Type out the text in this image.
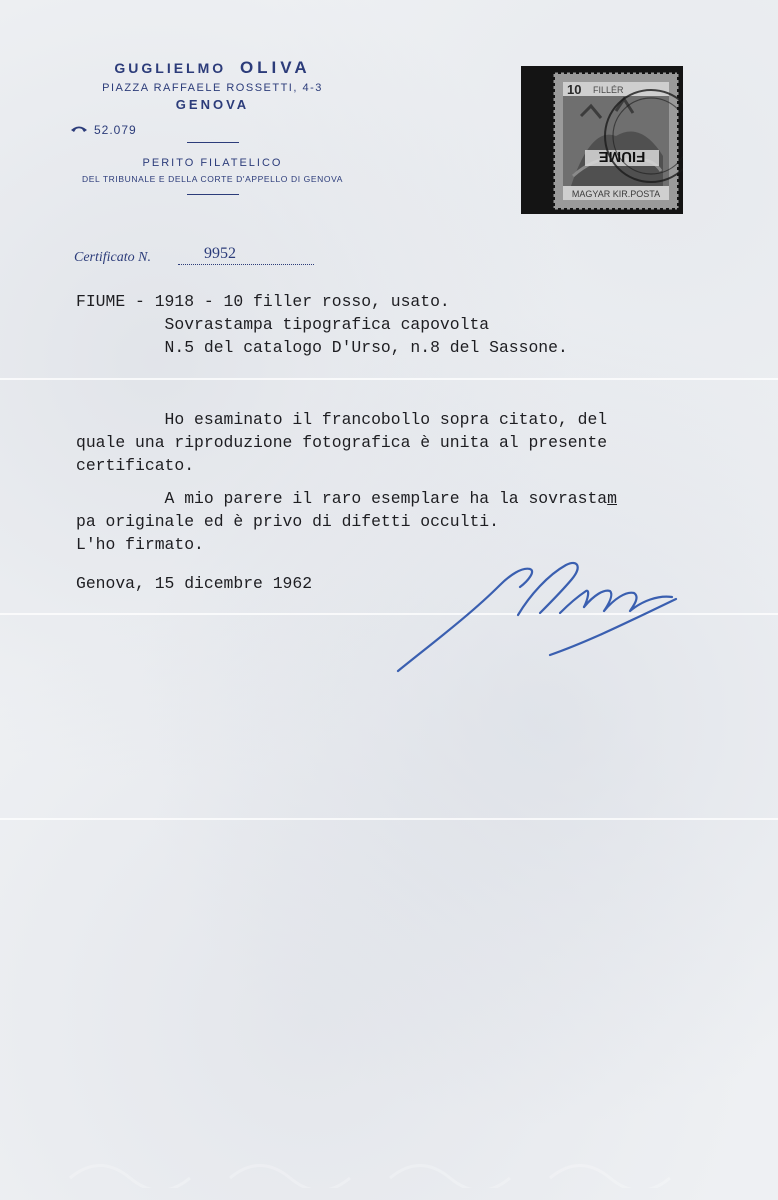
GUGLIELMO OLIVA
PIAZZA RAFFAELE ROSSETTI, 4-3
GENOVA
52.079
PERITO FILATELICO
DEL TRIBUNALE E DELLA CORTE D'APPELLO DI GENOVA
10 FILLÉR
FIUME
MAGYAR KIR.POSTA
Certificato N.	9952
FIUME - 1918 - 10 filler rosso, usato.
Sovrastampa tipografica capovolta
N.5 del catalogo D'Urso, n.8 del Sassone.
Ho esaminato il francobollo sopra citato, del
quale una riproduzione fotografica è unita al presente
certificato.
A mio parere il raro esemplare ha la sovrastam
pa originale ed è privo di difetti occulti.
L'ho firmato.
Genova, 15 dicembre 1962
